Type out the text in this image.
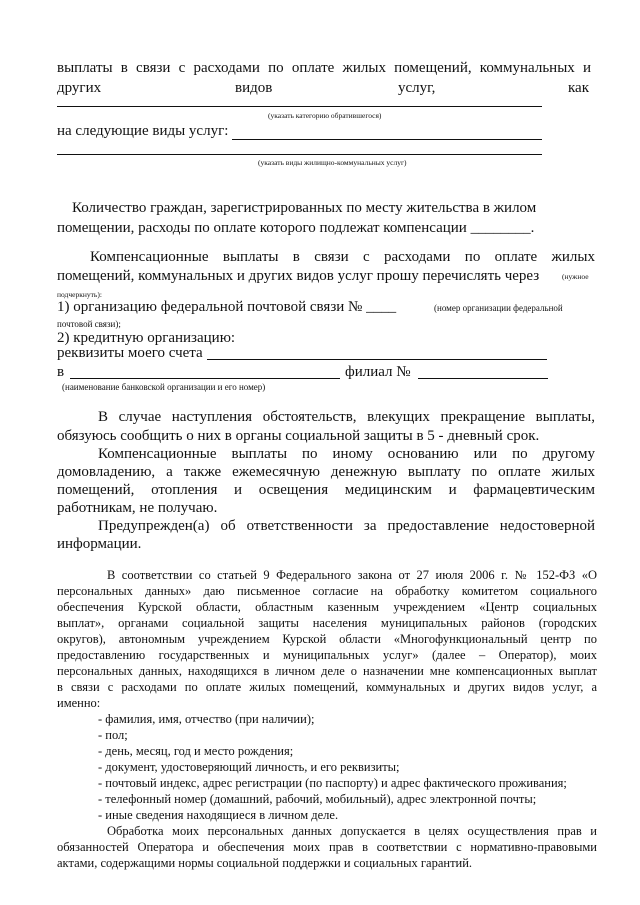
выплаты в связи с расходами по оплате жилых помещений, коммунальных и
других	видов	услуг,	как
(указать категорию обратившегося)
на следующие виды услуг:
(указать виды жилищно-коммунальных услуг)
Количество граждан, зарегистрированных по месту жительства в жилом
помещении, расходы по оплате которого подлежат компенсации ________.
Компенсационные выплаты в связи с расходами по оплате жилых
помещений, коммунальных и других видов услуг прошу перечислять через	(нужное
подчеркнуть):
1) организацию федеральной почтовой связи № ____	(номер организации федеральной
почтовой связи);
2) кредитную организацию:
реквизиты моего счета
в	филиал №
(наименование банковской организации и его номер)
В случае наступления обстоятельств, влекущих прекращение выплаты,
обязуюсь сообщить о них в органы социальной защиты в 5 - дневный срок.
Компенсационные выплаты по иному основанию или по другому
домовладению, а также ежемесячную денежную выплату по оплате жилых
помещений, отопления и освещения медицинским и фармацевтическим
работникам, не получаю.
Предупрежден(а) об ответственности за предоставление недостоверной
информации.
В соответствии со статьей 9 Федерального закона от 27 июля 2006 г. № 152-ФЗ «О
персональных данных» даю письменное согласие на обработку комитетом социального
обеспечения Курской области, областным казенным учреждением «Центр социальных
выплат», органами социальной защиты населения муниципальных районов (городских
округов), автономным учреждением Курской области «Многофункциональный центр по
предоставлению государственных и муниципальных услуг» (далее – Оператор), моих
персональных данных, находящихся в личном деле о назначении мне компенсационных выплат
в связи с расходами по оплате жилых помещений, коммунальных и других видов услуг, а
именно:
- фамилия, имя, отчество (при наличии);
- пол;
- день, месяц, год и место рождения;
- документ, удостоверяющий личность, и его реквизиты;
- почтовый индекс, адрес регистрации (по паспорту) и адрес фактического проживания;
- телефонный номер (домашний, рабочий, мобильный), адрес электронной почты;
- иные сведения находящиеся в личном деле.
Обработка моих персональных данных допускается в целях осуществления прав и
обязанностей Оператора и обеспечения моих прав в соответствии с нормативно-правовыми
актами, содержащими нормы социальной поддержки и социальных гарантий.
